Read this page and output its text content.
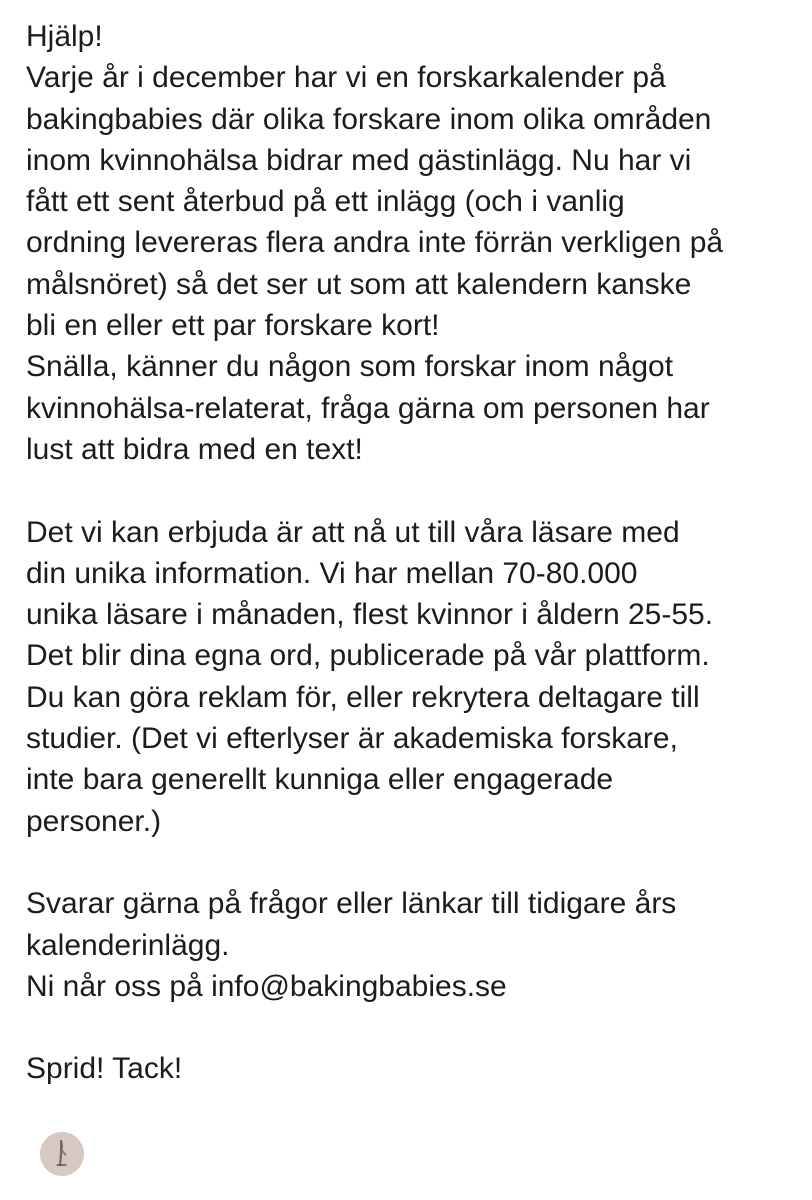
Hjälp!
Varje år i december har vi en forskarkalender på
bakingbabies där olika forskare inom olika områden
inom kvinnohälsa bidrar med gästinlägg. Nu har vi
fått ett sent återbud på ett inlägg (och i vanlig
ordning levereras flera andra inte förrän verkligen på
målsnöret) så det ser ut som att kalendern kanske
bli en eller ett par forskare kort!
Snälla, känner du någon som forskar inom något
kvinnohälsa-relaterat, fråga gärna om personen har
lust att bidra med en text!
Det vi kan erbjuda är att nå ut till våra läsare med
din unika information. Vi har mellan 70-80.000
unika läsare i månaden, flest kvinnor i åldern 25-55.
Det blir dina egna ord, publicerade på vår plattform.
Du kan göra reklam för, eller rekrytera deltagare till
studier. (Det vi efterlyser är akademiska forskare,
inte bara generellt kunniga eller engagerade
personer.)
Svarar gärna på frågor eller länkar till tidigare års
kalenderinlägg.
Ni når oss på info@bakingbabies.se
Sprid! Tack!
